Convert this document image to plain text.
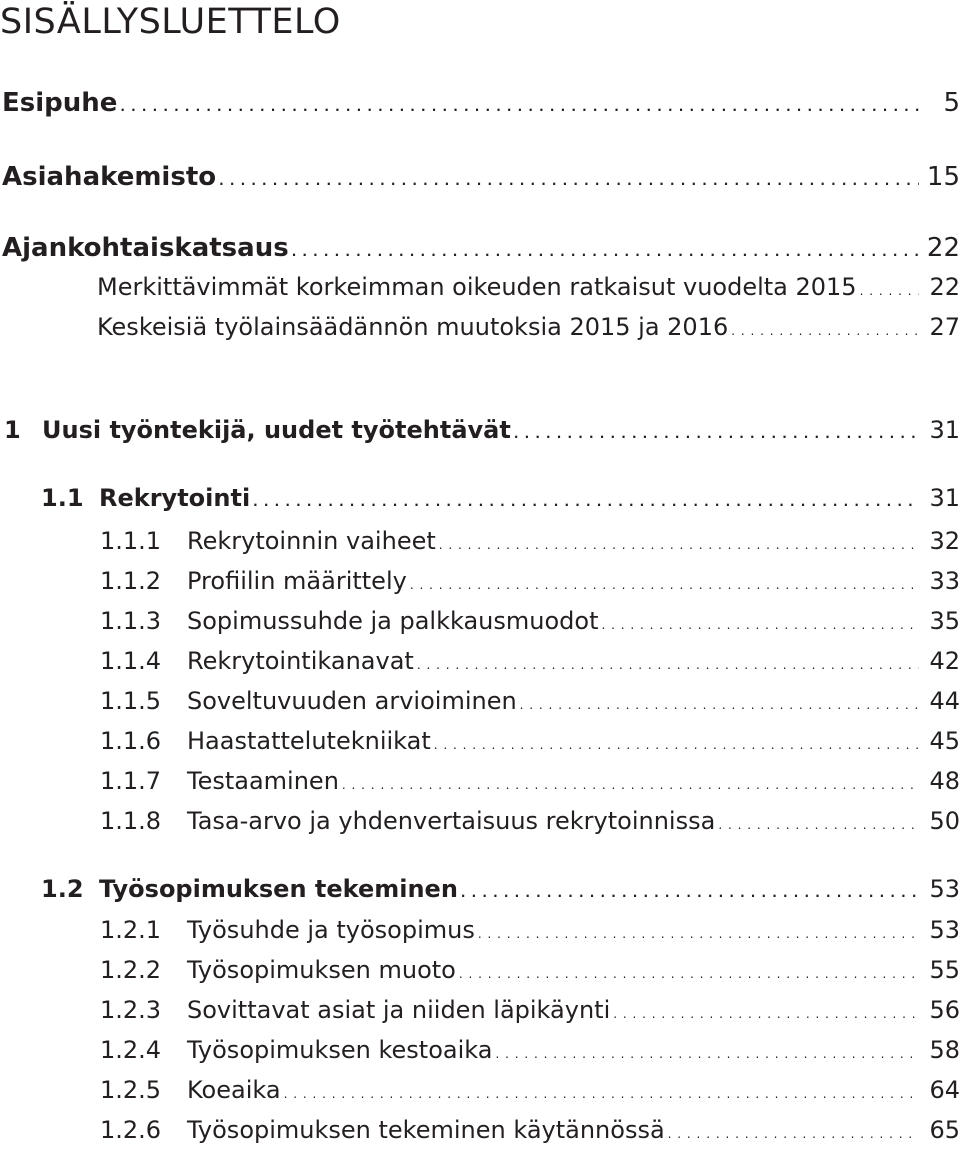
SISÄLLYSLUETTELO
Esipuhe . . .	5
Asiahakemisto . . .	15
Ajankohtaiskatsaus . . .	22
Merkittävimmät korkeimman oikeuden ratkaisut vuodelta 2015 . . .	22
Keskeisiä työlainsäädännön muutoksia 2015 ja 2016 . . .	27
1 Uusi työntekijä, uudet työtehtävät . . .	31
1.1 Rekrytointi . . .	31
1.1.1	Rekrytoinnin vaiheet . . .	32
1.1.2	Profiilin määrittely . . .	33
1.1.3	Sopimussuhde ja palkkausmuodot . . .	35
1.1.4	Rekrytointikanavat . . .	42
1.1.5	Soveltuvuuden arvioiminen . . .	44
1.1.6	Haastattelutekniikat . . .	45
1.1.7	Testaaminen . . .	48
1.1.8	Tasa-arvo ja yhdenvertaisuus rekrytoinnissa . . .	50
1.2 Työsopimuksen tekeminen . . .	53
1.2.1	Työsuhde ja työsopimus . . .	53
1.2.2	Työsopimuksen muoto . . .	55
1.2.3	Sovittavat asiat ja niiden läpikäynti . . .	56
1.2.4	Työsopimuksen kestoaika . . .	58
1.2.5	Koeaika . . .	64
1.2.6	Työsopimuksen tekeminen käytännössä . . .	65
